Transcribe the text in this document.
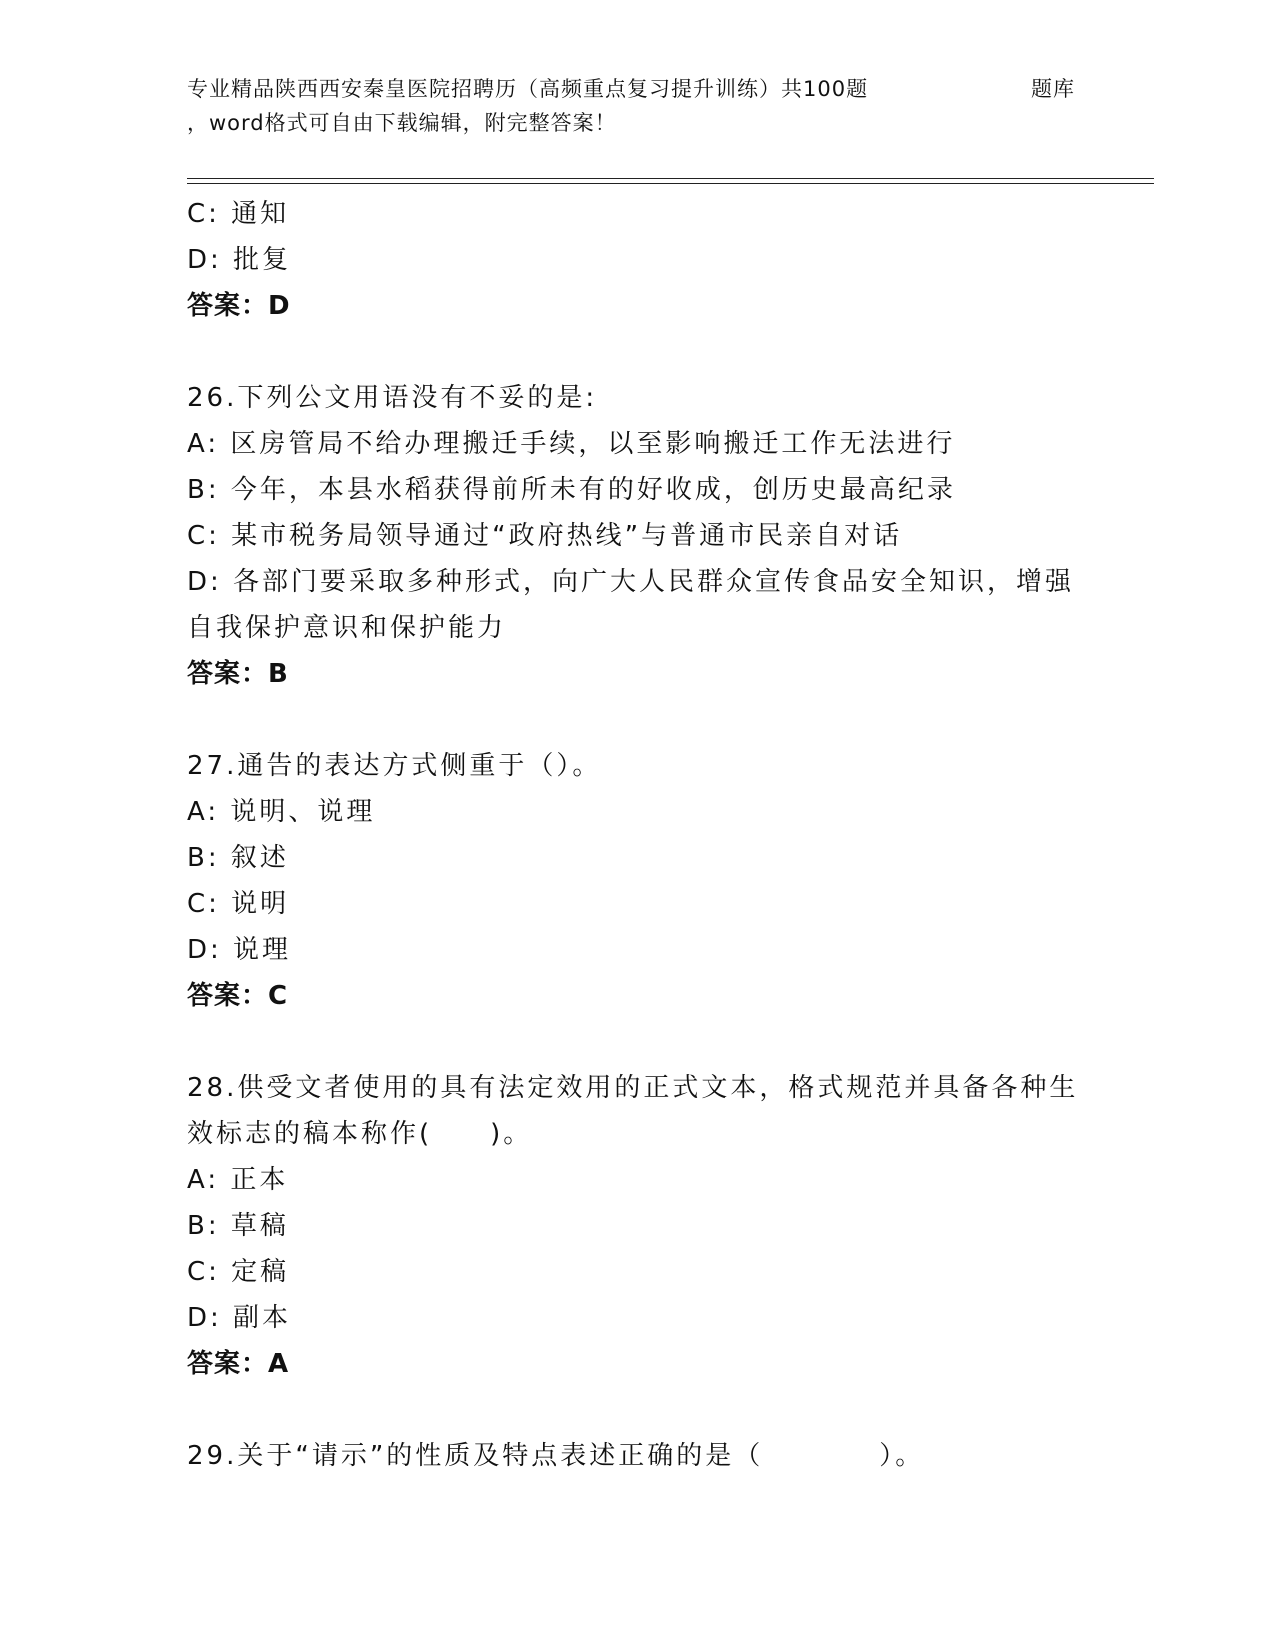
专业精品陕西西安秦皇医院招聘历（高频重点复习提升训练）共100题	题库
，word格式可自由下载编辑，附完整答案！
C: 通知
D: 批复
答案：D
26.下列公文用语没有不妥的是:
A: 区房管局不给办理搬迁手续，以至影响搬迁工作无法进行
B: 今年，本县水稻获得前所未有的好收成，创历史最高纪录
C: 某市税务局领导通过“政府热线”与普通市民亲自对话
D: 各部门要采取多种形式，向广大人民群众宣传食品安全知识，增强
自我保护意识和保护能力
答案：B
27.通告的表达方式侧重于（）。
A: 说明、说理
B: 叙述
C: 说明
D: 说理
答案：C
28.供受文者使用的具有法定效用的正式文本，格式规范并具备各种生
效标志的稿本称作(　　)。
A: 正本
B: 草稿
C: 定稿
D: 副本
答案：A
29.关于“请示”的性质及特点表述正确的是（　　　　）。
